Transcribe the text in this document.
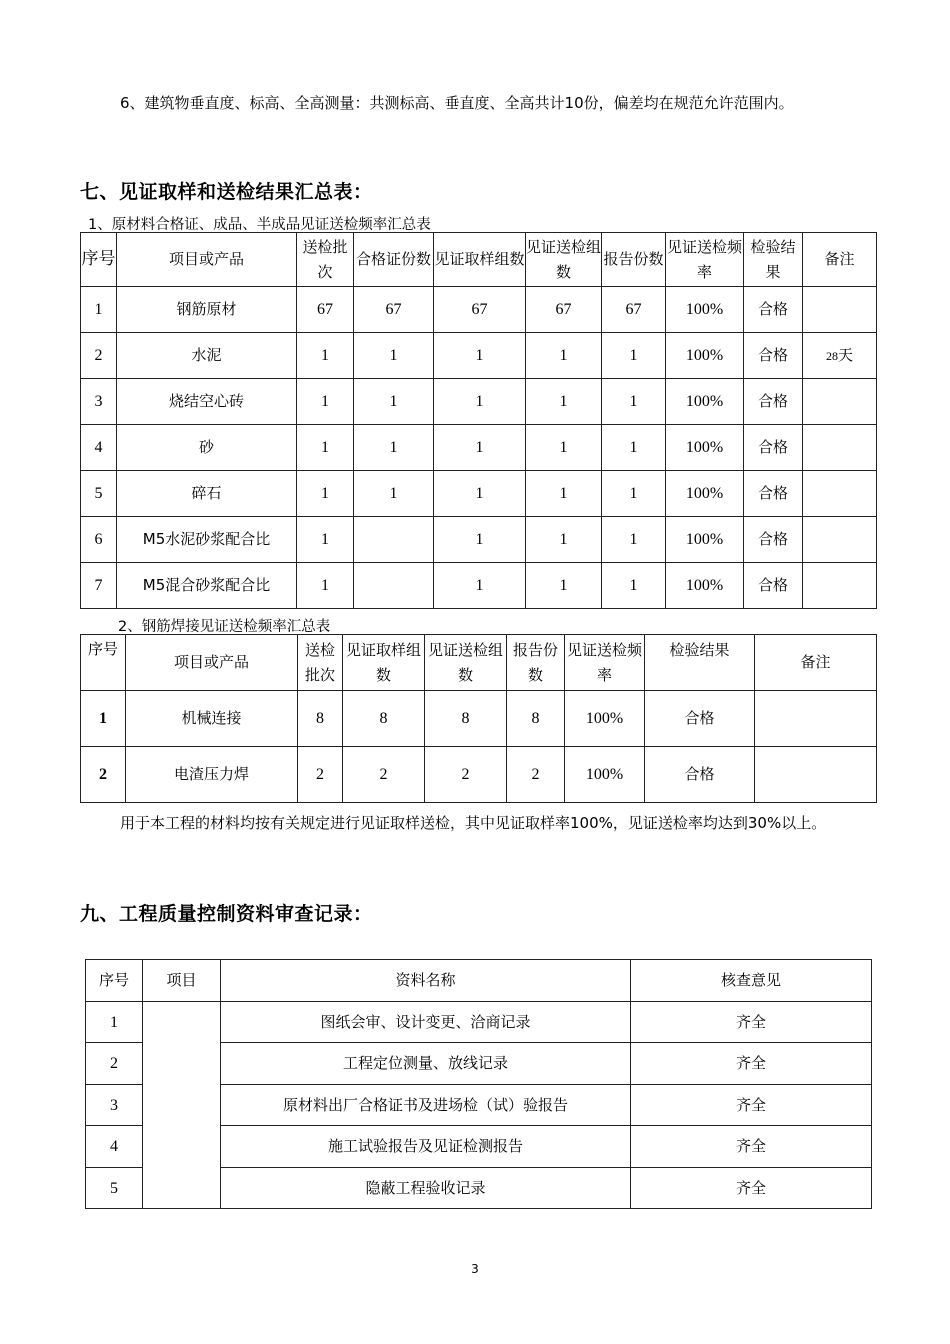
6、建筑物垂直度、标高、全高测量：共测标高、垂直度、全高共计10份，偏差均在规范允许范围内。

七、见证取样和送检结果汇总表：

1、原材料合格证、成品、半成品见证送检频率汇总表

序号	项目或产品	送检批次	合格证份数	见证取样组数	见证送检组数	报告份数	见证送检频率	检验结果	备注
1	钢筋原材	67	67	67	67	67	100%	合格	
2	水泥	1	1	1	1	1	100%	合格	28天
3	烧结空心砖	1	1	1	1	1	100%	合格	
4	砂	1	1	1	1	1	100%	合格	
5	碎石	1	1	1	1	1	100%	合格	
6	M5水泥砂浆配合比	1		1	1	1	100%	合格	
7	M5混合砂浆配合比	1		1	1	1	100%	合格	

2、钢筋焊接见证送检频率汇总表

序号	项目或产品	送检批次	见证取样组数	见证送检组数	报告份数	见证送检频率	检验结果	备注
1	机械连接	8	8	8	8	100%	合格	
2	电渣压力焊	2	2	2	2	100%	合格	

用于本工程的材料均按有关规定进行见证取样送检，其中见证取样率100%，见证送检率均达到30%以上。

九、工程质量控制资料审查记录：

序号	项目	资料名称	核查意见
1		图纸会审、设计变更、洽商记录	齐全
2		工程定位测量、放线记录	齐全
3		原材料出厂合格证书及进场检（试）验报告	齐全
4		施工试验报告及见证检测报告	齐全
5		隐蔽工程验收记录	齐全
3
